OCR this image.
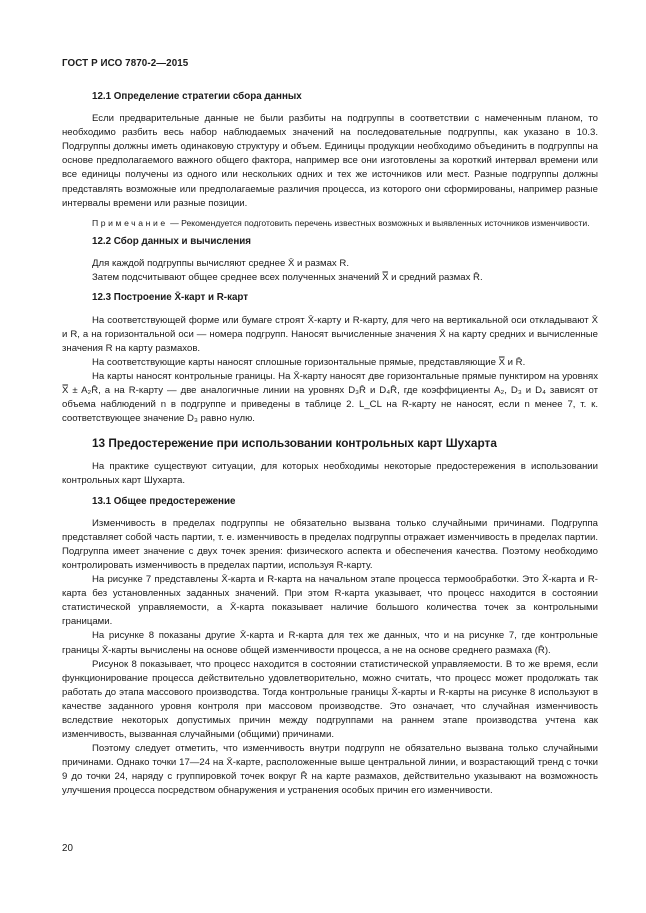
ГОСТ Р ИСО 7870-2—2015
12.1 Определение стратегии сбора данных

Если предварительные данные не были разбиты на подгруппы в соответствии с намеченным планом, то необходимо разбить весь набор наблюдаемых значений на последовательные подгруппы, как указано в 10.3. Подгруппы должны иметь одинаковую структуру и объем. Единицы продукции необходимо объединить в подгруппы на основе предполагаемого важного общего фактора, например все они изготовлены за короткий интервал времени или все единицы получены из одного или нескольких одних и тех же источников или мест. Разные подгруппы должны представлять возможные или предполагаемые различия процесса, из которого они сформированы, например разные интервалы времени или разные позиции.

Примечание — Рекомендуется подготовить перечень известных возможных и выявленных источников изменчивости.
12.2 Сбор данных и вычисления

Для каждой подгруппы вычисляют среднее X̄ и размах R.

Затем подсчитывают общее среднее всех полученных значений X̿ и средний размах R̄.

12.3 Построение X̄-карт и R-карт

На соответствующей форме или бумаге строят X̄-карту и R-карту, для чего на вертикальной оси откладывают X̄ и R, а на горизонтальной оси — номера подгрупп. Наносят вычисленные значения X̄ на карту средних и вычисленные значения R на карту размахов.

На соответствующие карты наносят сплошные горизонтальные прямые, представляющие X̿ и R̄.

На карты наносят контрольные границы. На X̄-карту наносят две горизонтальные прямые пунктиром на уровнях X̿ ± A₂R̄, а на R-карту — две аналогичные линии на уровнях D₃R̄ и D₄R̄, где коэффициенты A₂, D₃ и D₄ зависят от объема наблюдений n в подгруппе и приведены в таблице 2. L_CL на R-карту не наносят, если n менее 7, т. к. соответствующее значение D₃ равно нулю.

13 Предостережение при использовании контрольных карт Шухарта

На практике существуют ситуации, для которых необходимы некоторые предостережения в использовании контрольных карт Шухарта.

13.1 Общее предостережение

Изменчивость в пределах подгруппы не обязательно вызвана только случайными причинами. Подгруппа представляет собой часть партии, т. е. изменчивость в пределах подгруппы отражает изменчивость в пределах партии. Подгруппа имеет значение с двух точек зрения: физического аспекта и обеспечения качества. Поэтому необходимо контролировать изменчивость в пределах партии, используя R-карту.

На рисунке 7 представлены X̄-карта и R-карта на начальном этапе процесса термообработки. Это X̄-карта и R-карта без установленных заданных значений. При этом R-карта указывает, что процесс находится в состоянии статистической управляемости, а X̄-карта показывает наличие большого количества точек за контрольными границами.

На рисунке 8 показаны другие X̄-карта и R-карта для тех же данных, что и на рисунке 7, где контрольные границы X̄-карты вычислены на основе общей изменчивости процесса, а не на основе среднего размаха (R̄).

Рисунок 8 показывает, что процесс находится в состоянии статистической управляемости. В то же время, если функционирование процесса действительно удовлетворительно, можно считать, что процесс может продолжать так работать до этапа массового производства. Тогда контрольные границы X̄-карты и R-карты на рисунке 8 используют в качестве заданного уровня контроля при массовом производстве. Это означает, что случайная изменчивость вследствие некоторых допустимых причин между подгруппами на раннем этапе производства учтена как изменчивость, вызванная случайными (общими) причинами.

Поэтому следует отметить, что изменчивость внутри подгрупп не обязательно вызвана только случайными причинами. Однако точки 17—24 на X̄-карте, расположенные выше центральной линии, и возрастающий тренд с точки 9 до точки 24, наряду с группировкой точек вокруг R̄ на карте размахов, действительно указывают на возможность улучшения процесса посредством обнаружения и устранения особых причин его изменчивости.

20
